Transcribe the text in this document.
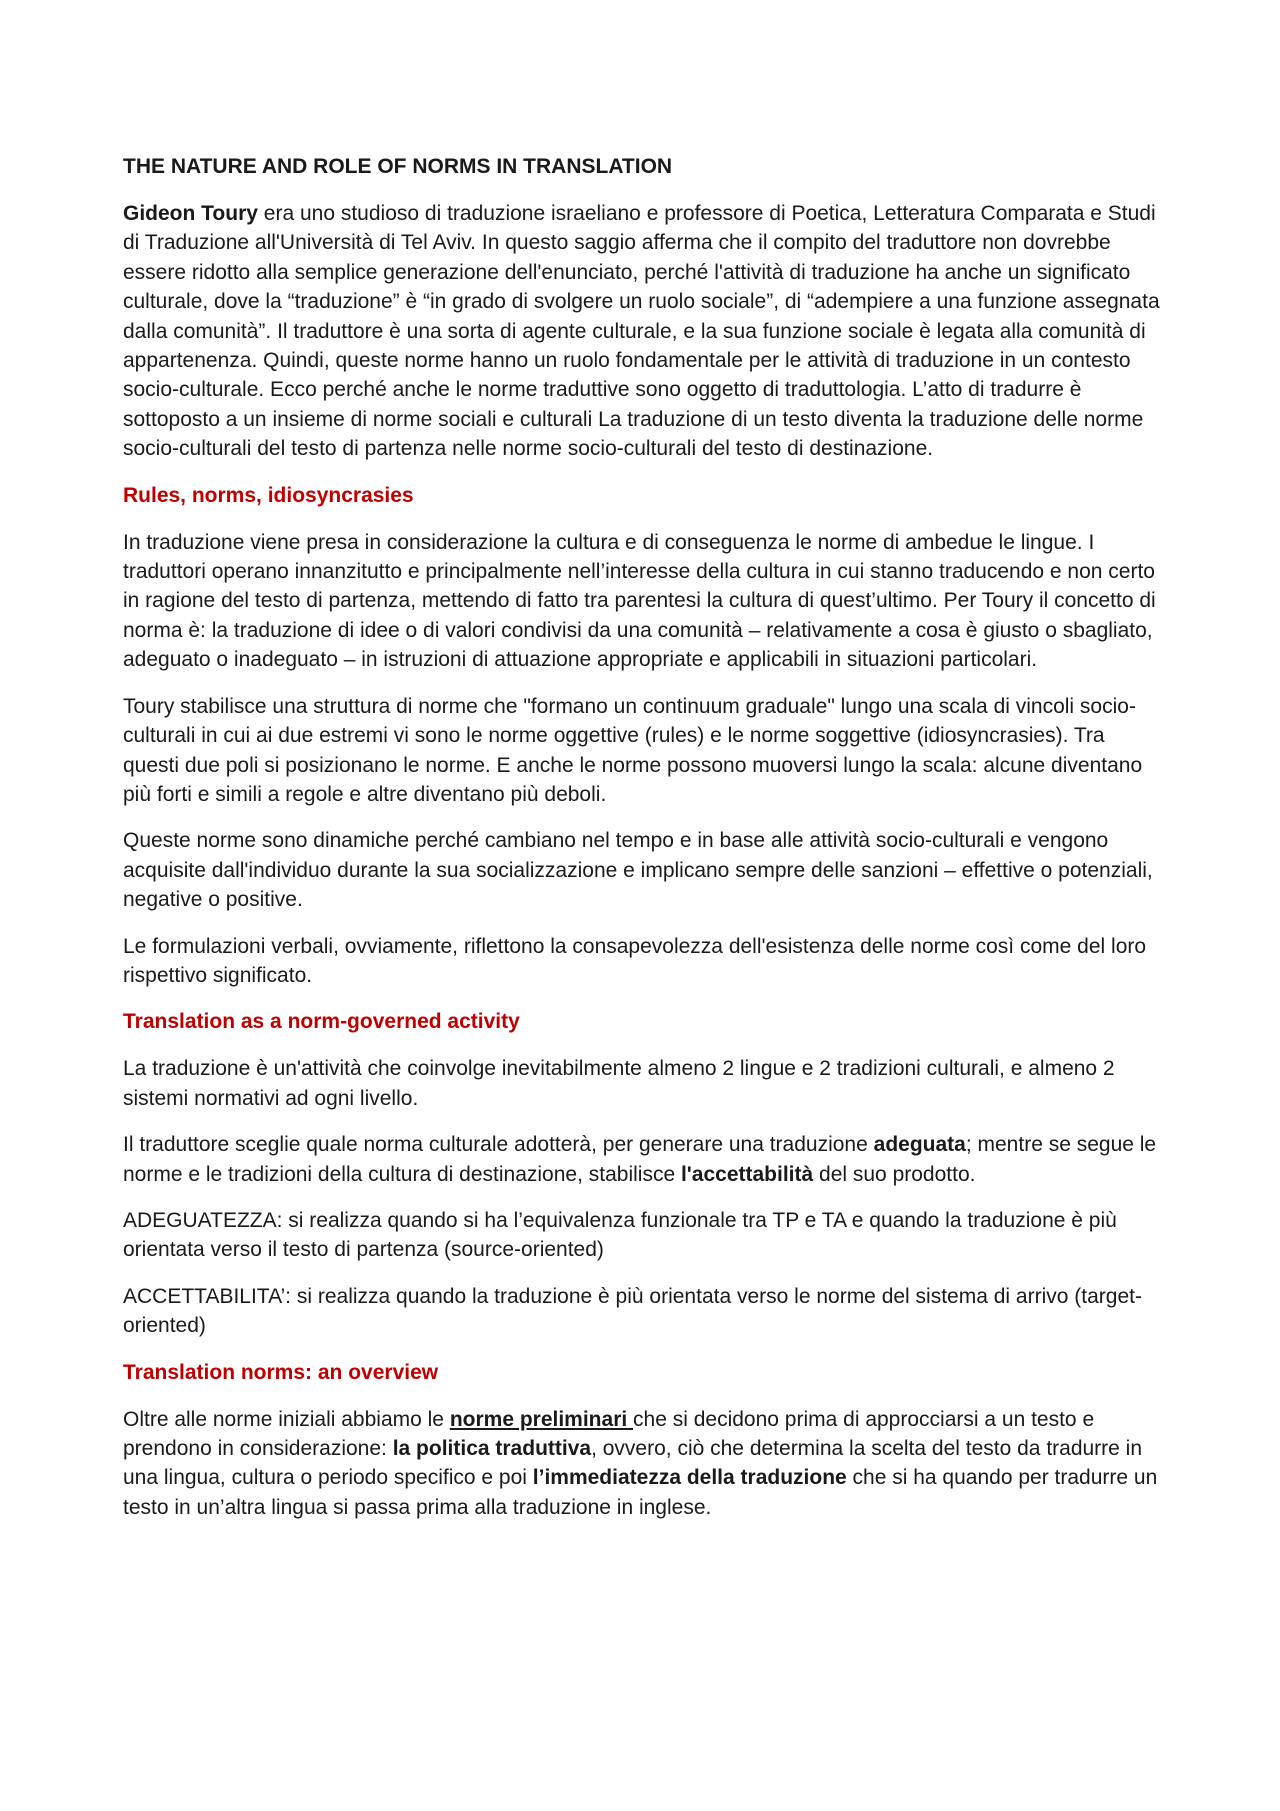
THE NATURE AND ROLE OF NORMS IN TRANSLATION

Gideon Toury era uno studioso di traduzione israeliano e professore di Poetica, Letteratura Comparata e Studi di Traduzione all'Università di Tel Aviv. In questo saggio afferma che il compito del traduttore non dovrebbe essere ridotto alla semplice generazione dell'enunciato, perché l'attività di traduzione ha anche un significato culturale, dove la “traduzione” è “in grado di svolgere un ruolo sociale”, di “adempiere a una funzione assegnata dalla comunità”. Il traduttore è una sorta di agente culturale, e la sua funzione sociale è legata alla comunità di appartenenza. Quindi, queste norme hanno un ruolo fondamentale per le attività di traduzione in un contesto socio-culturale. Ecco perché anche le norme traduttive sono oggetto di traduttologia. L’atto di tradurre è sottoposto a un insieme di norme sociali e culturali La traduzione di un testo diventa la traduzione delle norme socio-culturali del testo di partenza nelle norme socio-culturali del testo di destinazione.

Rules, norms, idiosyncrasies

In traduzione viene presa in considerazione la cultura e di conseguenza le norme di ambedue le lingue. I traduttori operano innanzitutto e principalmente nell’interesse della cultura in cui stanno traducendo e non certo in ragione del testo di partenza, mettendo di fatto tra parentesi la cultura di quest’ultimo. Per Toury il concetto di norma è: la traduzione di idee o di valori condivisi da una comunità – relativamente a cosa è giusto o sbagliato, adeguato o inadeguato – in istruzioni di attuazione appropriate e applicabili in situazioni particolari.

Toury stabilisce una struttura di norme che "formano un continuum graduale" lungo una scala di vincoli socio-culturali in cui ai due estremi vi sono le norme oggettive (rules) e le norme soggettive (idiosyncrasies). Tra questi due poli si posizionano le norme. E anche le norme possono muoversi lungo la scala: alcune diventano più forti e simili a regole e altre diventano più deboli.

Queste norme sono dinamiche perché cambiano nel tempo e in base alle attività socio-culturali e vengono acquisite dall'individuo durante la sua socializzazione e implicano sempre delle sanzioni – effettive o potenziali, negative o positive.

Le formulazioni verbali, ovviamente, riflettono la consapevolezza dell'esistenza delle norme così come del loro rispettivo significato.

Translation as a norm-governed activity

La traduzione è un'attività che coinvolge inevitabilmente almeno 2 lingue e 2 tradizioni culturali, e almeno 2 sistemi normativi ad ogni livello.

Il traduttore sceglie quale norma culturale adotterà, per generare una traduzione adeguata; mentre se segue le norme e le tradizioni della cultura di destinazione, stabilisce l'accettabilità del suo prodotto.

ADEGUATEZZA: si realizza quando si ha l’equivalenza funzionale tra TP e TA e quando la traduzione è più orientata verso il testo di partenza (source-oriented)

ACCETTABILITA’: si realizza quando la traduzione è più orientata verso le norme del sistema di arrivo (target-oriented)

Translation norms: an overview

Oltre alle norme iniziali abbiamo le norme preliminari che si decidono prima di approcciarsi a un testo e prendono in considerazione: la politica traduttiva, ovvero, ciò che determina la scelta del testo da tradurre in una lingua, cultura o periodo specifico e poi l’immediatezza della traduzione che si ha quando per tradurre un testo in un’altra lingua si passa prima alla traduzione in inglese.
